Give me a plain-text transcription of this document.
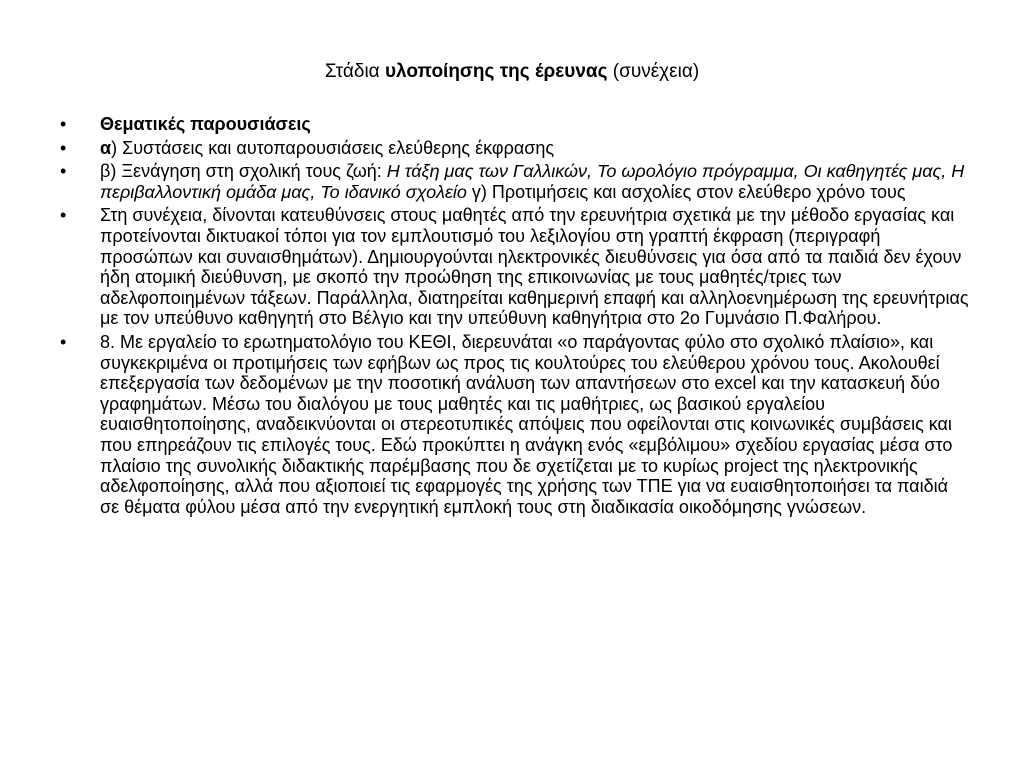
Στάδια υλοποίησης της έρευνας (συνέχεια)
•	Θεματικές παρουσιάσεις
•	α) Συστάσεις και αυτοπαρουσιάσεις ελεύθερης έκφρασης
•	β) Ξενάγηση στη σχολική τους ζωή: Η τάξη μας των Γαλλικών, Το ωρολόγιο πρόγραμμα, Οι καθηγητές μας, Η περιβαλλοντική ομάδα μας, Το ιδανικό σχολείο γ) Προτιμήσεις και ασχολίες στον ελεύθερο χρόνο τους
•	Στη συνέχεια, δίνονται κατευθύνσεις στους μαθητές από την ερευνήτρια σχετικά με την μέθοδο εργασίας και προτείνονται δικτυακοί τόποι για τον εμπλουτισμό του λεξιλογίου στη γραπτή έκφραση (περιγραφή προσώπων και συναισθημάτων). Δημιουργούνται ηλεκτρονικές διευθύνσεις για όσα από τα παιδιά δεν έχουν ήδη ατομική διεύθυνση, με σκοπό την προώθηση της επικοινωνίας με τους μαθητές/τριες των αδελφοποιημένων τάξεων. Παράλληλα, διατηρείται καθημερινή επαφή και αλληλοενημέρωση της ερευνήτριας με τον υπεύθυνο καθηγητή στο Βέλγιο και την υπεύθυνη καθηγήτρια στο 2ο Γυμνάσιο Π.Φαλήρου.
•	8. Με εργαλείο το ερωτηματολόγιο του ΚΕΘΙ, διερευνάται «ο παράγοντας φύλο στο σχολικό πλαίσιο», και συγκεκριμένα οι προτιμήσεις των εφήβων ως προς τις κουλτούρες του ελεύθερου χρόνου τους. Ακολουθεί επεξεργασία των δεδομένων με την ποσοτική ανάλυση των απαντήσεων στο excel και την κατασκευή δύο γραφημάτων. Μέσω του διαλόγου με τους μαθητές και τις μαθήτριες, ως βασικού εργαλείου ευαισθητοποίησης, αναδεικνύονται οι στερεοτυπικές απόψεις που οφείλονται στις κοινωνικές συμβάσεις και που επηρεάζουν τις επιλογές τους. Εδώ προκύπτει η ανάγκη ενός «εμβόλιμου» σχεδίου εργασίας μέσα στο πλαίσιο της συνολικής διδακτικής παρέμβασης που δε σχετίζεται με το κυρίως project της ηλεκτρονικής αδελφοποίησης, αλλά που αξιοποιεί τις εφαρμογές της χρήσης των ΤΠΕ για να ευαισθητοποιήσει τα παιδιά σε θέματα φύλου μέσα από την ενεργητική εμπλοκή τους στη διαδικασία οικοδόμησης γνώσεων.
